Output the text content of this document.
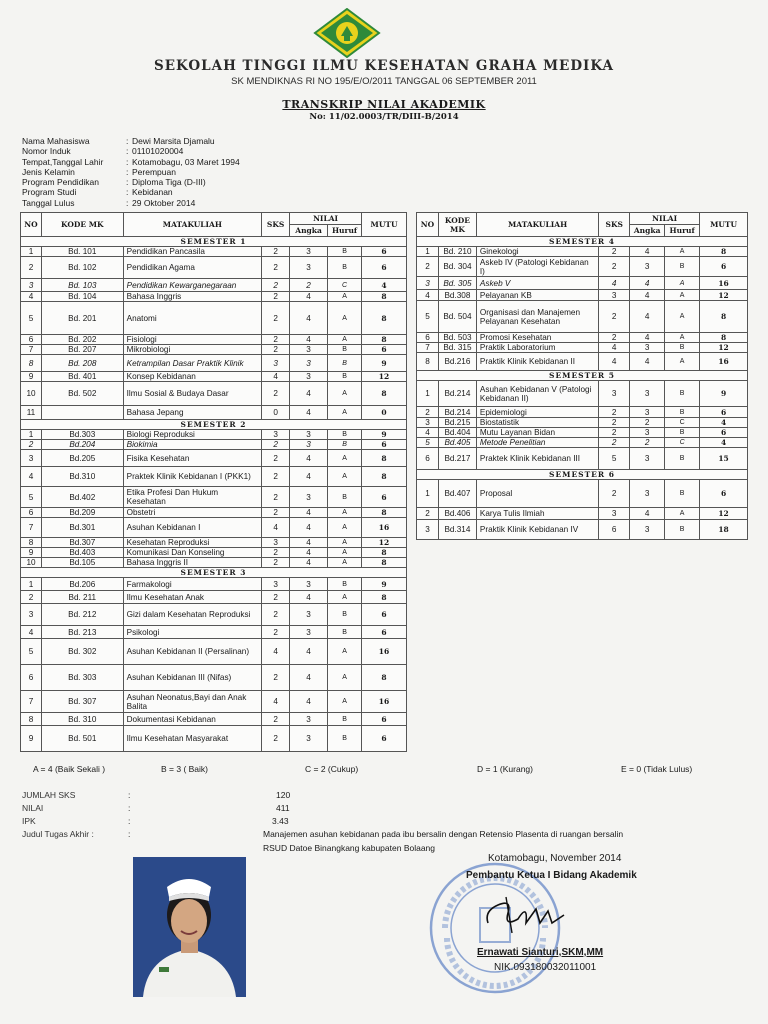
SEKOLAH TINGGI ILMU KESEHATAN GRAHA MEDIKA
SK MENDIKNAS RI NO 195/E/O/2011 TANGGAL 06 SEPTEMBER 2011
TRANSKRIP NILAI AKADEMIK
No: 11/02.0003/TR/DIII-B/2014
Nama Mahasiswa	: Dewi Marsita Djamalu
Nomor Induk	: 01101020004
Tempat,Tanggal Lahir	: Kotamobagu, 03 Maret 1994
Jenis Kelamin	: Perempuan
Program Pendidikan	: Diploma Tiga (D-III)
Program Studi	: Kebidanan
Tanggal Lulus	: 29 Oktober 2014
NO	KODE MK	MATAKULIAH	SKS	NILAI		MUTU
				Angka	Huruf	
SEMESTER 1						
1	Bd. 101	Pendidikan Pancasila	2	3	B	6
2	Bd. 102	Pendidikan Agama	2	3	B	6
3	Bd. 103	Pendidikan Kewarganegaraan	2	2	C	4
4	Bd. 104	Bahasa Inggris	2	4	A	8
5	Bd. 201	Anatomi	2	4	A	8
6	Bd. 202	Fisiologi	2	4	A	8
7	Bd. 207	Mikrobiologi	2	3	B	6
8	Bd. 208	Ketrampilan Dasar Praktik Klinik	3	3	B	9
9	Bd. 401	Konsep Kebidanan	4	3	B	12
10	Bd. 502	Ilmu Sosial & Budaya Dasar	2	4	A	8
11		Bahasa Jepang	0	4	A	0
SEMESTER 2						
1	Bd.303	Biologi Reproduksi	3	3	B	9
2	Bd.204	Biokimia	2	3	B	6
3	Bd.205	Fisika Kesehatan	2	4	A	8
4	Bd.310	Praktek Klinik Kebidanan I (PKK1)	2	4	A	8
5	Bd.402	Etika Profesi Dan Hukum Kesehatan	2	3	B	6
6	Bd.209	Obstetri	2	4	A	8
7	Bd.301	Asuhan Kebidanan I	4	4	A	16
8	Bd.307	Kesehatan Reproduksi	3	4	A	12
9	Bd.403	Komunikasi Dan Konseling	2	4	A	8
10	Bd.105	Bahasa Inggris II	2	4	A	8
SEMESTER 3						
1	Bd.206	Farmakologi	3	3	B	9
2	Bd. 211	Ilmu Kesehatan Anak	2	4	A	8
3	Bd. 212	Gizi dalam Kesehatan Reproduksi	2	3	B	6
4	Bd. 213	Psikologi	2	3	B	6
5	Bd. 302	Asuhan Kebidanan II (Persalinan)	4	4	A	16
6	Bd. 303	Asuhan Kebidanan III (Nifas)	2	4	A	8
7	Bd. 307	Asuhan Neonatus,Bayi dan Anak Balita	4	4	A	16
8	Bd. 310	Dokumentasi Kebidanan	2	3	B	6
9	Bd. 501	Ilmu Kesehatan Masyarakat	2	3	B	6
NO	KODE MK	MATAKULIAH	SKS	NILAI		MUTU
				Angka	Huruf	
SEMESTER 4						
1	Bd. 210	Ginekologi	2	4	A	8
2	Bd. 304	Askeb IV (Patologi Kebidanan I)	2	3	B	6
3	Bd. 305	Askeb V	4	4	A	16
4	Bd.308	Pelayanan KB	3	4	A	12
5	Bd. 504	Organisasi dan Manajemen Pelayanan Kesehatan	2	4	A	8
6	Bd. 503	Promosi Kesehatan	2	4	A	8
7	Bd. 315	Praktik Laboratorium	4	3	B	12
8	Bd.216	Praktik Klinik Kebidanan II	4	4	A	16
SEMESTER 5						
1	Bd.214	Asuhan Kebidanan V (Patologi Kebidanan II)	3	3	B	9
2	Bd.214	Epidemiologi	2	3	B	6
3	Bd.215	Biostatistik	2	2	C	4
4	Bd.404	Mutu Layanan Bidan	2	3	B	6
5	Bd.405	Metode Penelitian	2	2	C	4
6	Bd.217	Praktek Klinik Kebidanan III	5	3	B	15
SEMESTER 6						
1	Bd.407	Proposal	2	3	B	6
2	Bd.406	Karya Tulis Ilmiah	3	4	A	12
3	Bd.314	Praktik Klinik Kebidanan IV	6	3	B	18
A = 4 (Baik Sekali )	B = 3 ( Baik)	C = 2 (Cukup)	D = 1 (Kurang)	E = 0 (Tidak Lulus)
JUMLAH SKS	:	120
NILAI	:	411
IPK	:	3.43
Judul Tugas Akhir :	:	Manajemen asuhan kebidanan pada ibu bersalin dengan Retensio Plasenta di ruangan bersalin
RSUD Datoe Binangkang kabupaten Bolaang
Kotamobagu, November 2014
Pembantu Ketua I Bidang Akademik
Ernawati Sianturi,SKM,MM
NIK.093180032011001
